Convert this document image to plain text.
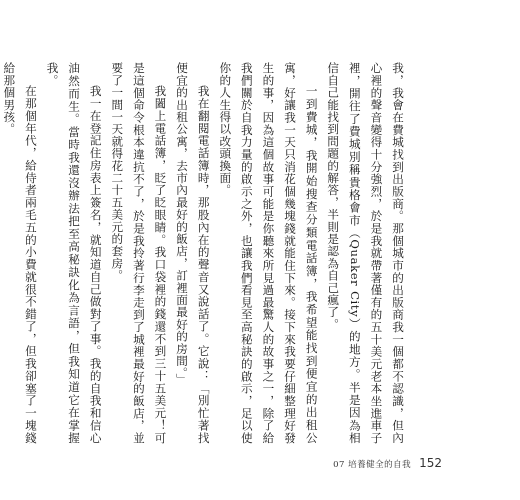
我，我會在費城找到出版商。那個城市的出版商我一個都不認識，但內心裡的聲音變得十分強烈，於是我就帶著僅有的五十美元老本坐進車子裡，開往了費城別稱貴格會市（Quaker City）的地方。半是因為相信自己能找到問題的解答，半則是認為自己瘋了。
一到費城，我開始搜查分類電話簿，我希望能找到便宜的出租公寓，好讓我一天只消花個幾塊錢就能住下來。接下來我要仔細整理好發生的事，因為這個故事可能是你聽來所見過最驚人的故事之一，除了給我們關於自我力量的啟示之外，也讓我們看見至高秘訣的啟示，足以使你的人生得以改頭換面。
我在翻閱電話簿時，那股內在的聲音又說話了。它說：「別忙著找便宜的出租公寓，去市內最好的飯店，訂裡面最好的房間。」
我闔上電話簿，眨了眨眼睛。我口袋裡的錢還不到三十五美元！可是這個命令根本違抗不了，於是我拎著行李走到了城裡最好的飯店，並要了一間一天就得花二十五美元的套房。
我一在登記住房表上簽名，就知道自己做對了事。我的自我和信心油然而生。當時我還沒辦法把至高秘訣化為言語，但我知道它在掌握我。
在那個年代，給侍者兩毛五的小費就很不錯了，但我卻塞了一塊錢給那個男孩。
07 培養健全的自我 152
